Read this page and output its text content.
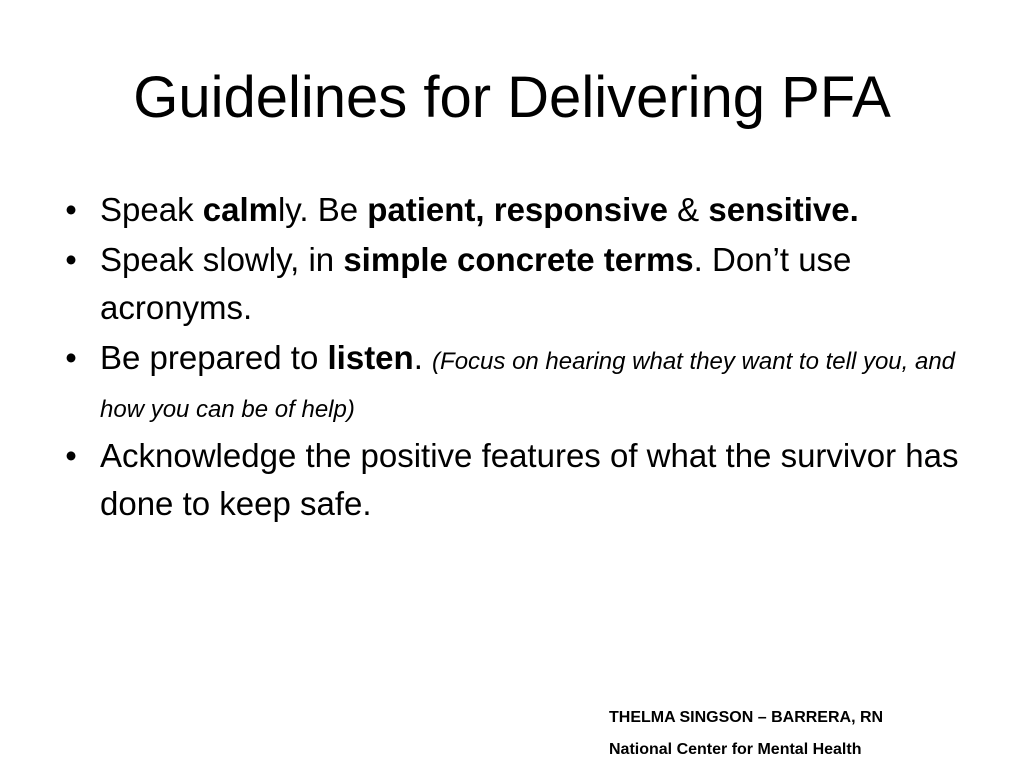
Guidelines for Delivering PFA
• Speak calmly. Be patient, responsive & sensitive.
• Speak slowly, in simple concrete terms. Don’t use acronyms.
• Be prepared to listen. (Focus on hearing what they want to tell you, and how you can be of help)
• Acknowledge the positive features of what the survivor has done to keep safe.
THELMA SINGSON – BARRERA, RN
National Center for Mental Health
